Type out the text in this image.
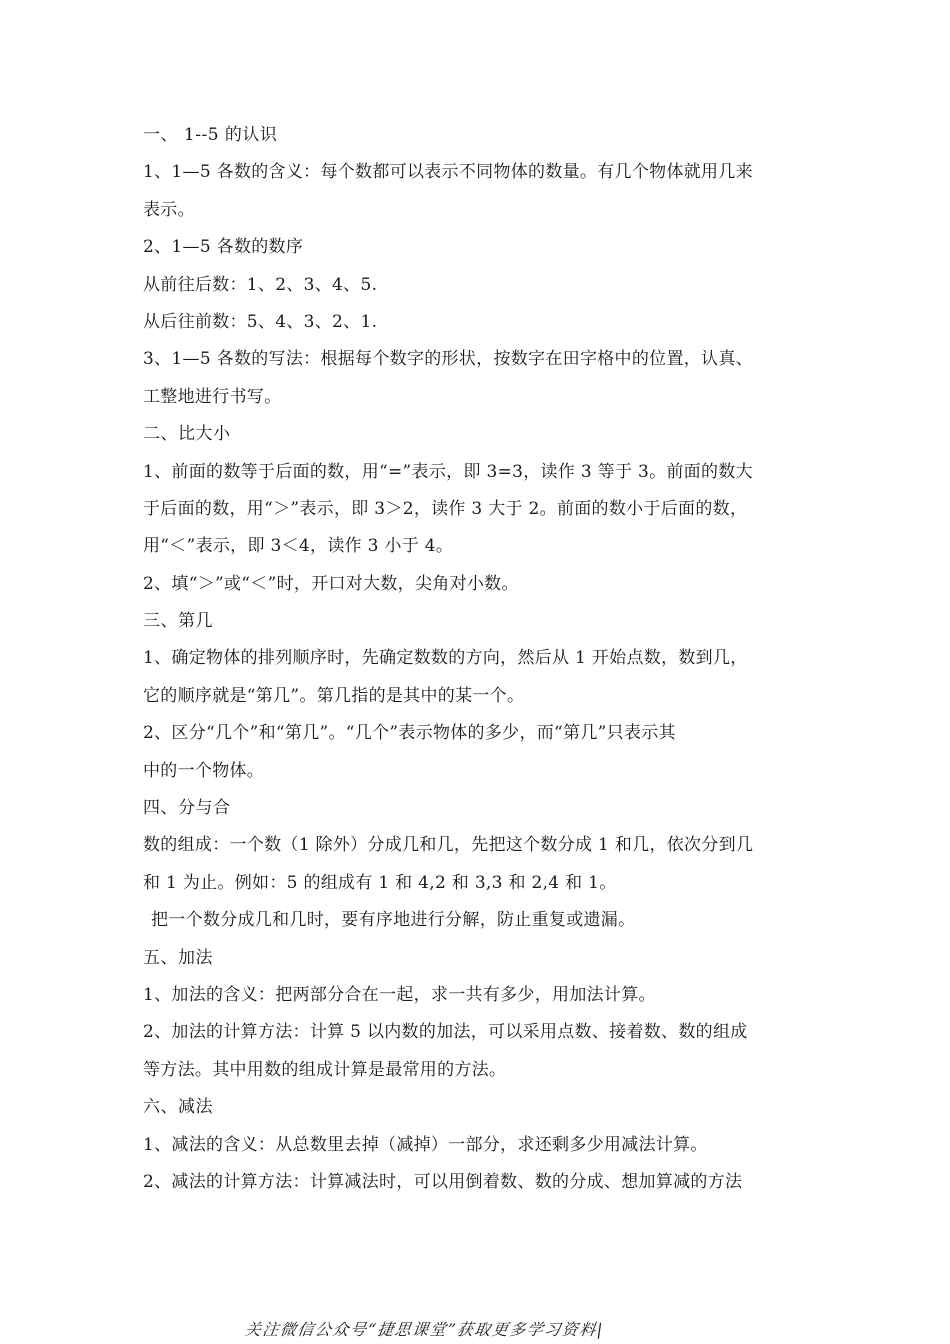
一、 1--5 的认识
1、1—5 各数的含义：每个数都可以表示不同物体的数量。有几个物体就用几来
表示。
2、1—5 各数的数序
从前往后数：1、2、3、4、5.
从后往前数：5、4、3、2、1.
3、1—5 各数的写法：根据每个数字的形状，按数字在田字格中的位置，认真、
工整地进行书写。
二、比大小
1、前面的数等于后面的数，用“=”表示，即 3=3，读作 3 等于 3。前面的数大
于后面的数，用“＞”表示，即 3＞2，读作 3 大于 2。前面的数小于后面的数，
用“＜”表示，即 3＜4，读作 3 小于 4。
2、填“＞”或“＜”时，开口对大数，尖角对小数。
三、第几
1、确定物体的排列顺序时，先确定数数的方向，然后从 1 开始点数，数到几，
它的顺序就是“第几”。第几指的是其中的某一个。
2、区分“几个”和“第几”。“几个”表示物体的多少，而“第几”只表示其
中的一个物体。
四、分与合
数的组成：一个数（1 除外）分成几和几，先把这个数分成 1 和几，依次分到几
和 1 为止。例如：5 的组成有 1 和 4,2 和 3,3 和 2,4 和 1。
把一个数分成几和几时，要有序地进行分解，防止重复或遗漏。
五、加法
1、加法的含义：把两部分合在一起，求一共有多少，用加法计算。
2、加法的计算方法：计算 5 以内数的加法，可以采用点数、接着数、数的组成
等方法。其中用数的组成计算是最常用的方法。
六、减法
1、减法的含义：从总数里去掉（减掉）一部分，求还剩多少用减法计算。
2、减法的计算方法：计算减法时，可以用倒着数、数的分成、想加算减的方法
关注微信公众号“捷思课堂”获取更多学习资料|
